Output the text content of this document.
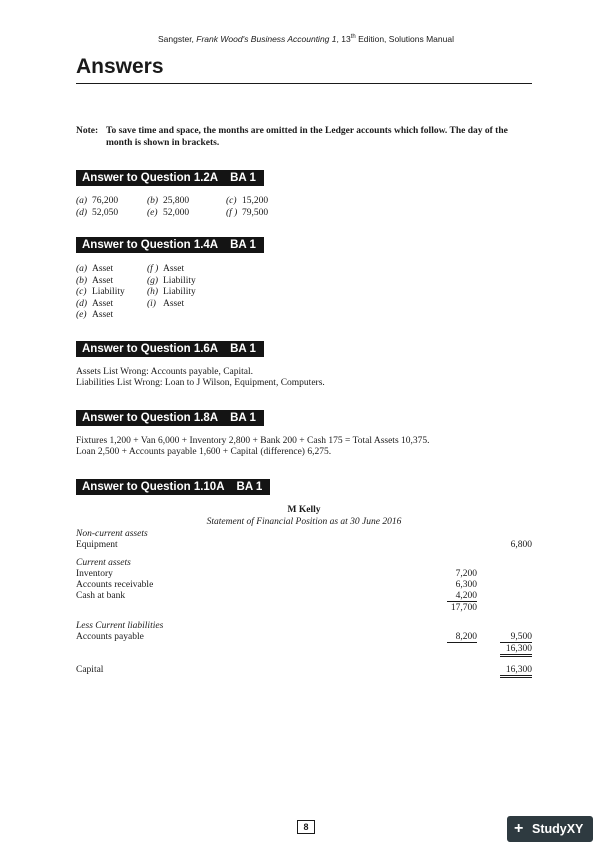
Sangster, Frank Wood's Business Accounting 1, 13th Edition, Solutions Manual
Answers
Note: To save time and space, the months are omitted in the Ledger accounts which follow. The day of the month is shown in brackets.
Answer to Question 1.2A BA 1
(a) 76,200	(b) 25,800	(c) 15,200
(d) 52,050	(e) 52,000	(f ) 79,500
Answer to Question 1.4A BA 1
(a) Asset	(f ) Asset
(b) Asset	(g) Liability
(c) Liability (h) Liability
(d) Asset	(i) Asset
(e) Asset
Answer to Question 1.6A BA 1
Assets List Wrong: Accounts payable, Capital.
Liabilities List Wrong: Loan to J Wilson, Equipment, Computers.
Answer to Question 1.8A BA 1
Fixtures 1,200 + Van 6,000 + Inventory 2,800 + Bank 200 + Cash 175 = Total Assets 10,375.
Loan 2,500 + Accounts payable 1,600 + Capital (difference) 6,275.
Answer to Question 1.10A BA 1
M Kelly
Statement of Financial Position as at 30 June 2016
Non-current assets
Equipment	6,800
Current assets
Inventory	7,200
Accounts receivable	6,300
Cash at bank	4,200
17,700
Less Current liabilities
Accounts payable	8,200	9,500
16,300
Capital	16,300
8	+ StudyXY
